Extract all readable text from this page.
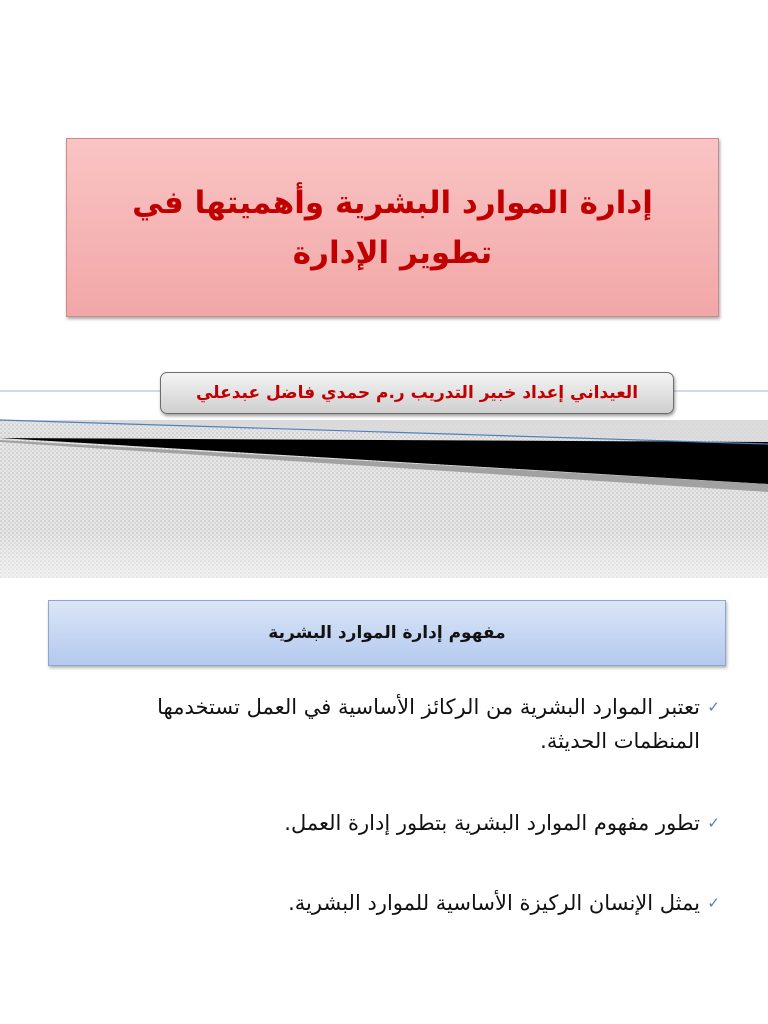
إدارة الموارد البشرية وأهميتها في تطوير الإدارة
العيداني إعداد خبير التدريب ر.م حمدي فاضل عبدعلي
مفهوم إدارة الموارد البشرية

✓
تعتبر الموارد البشرية من الركائز الأساسية في العمل تستخدمها المنظمات الحديثة.

✓
تطور مفهوم الموارد البشرية بتطور إدارة العمل.

✓
يمثل الإنسان الركيزة الأساسية للموارد البشرية.
